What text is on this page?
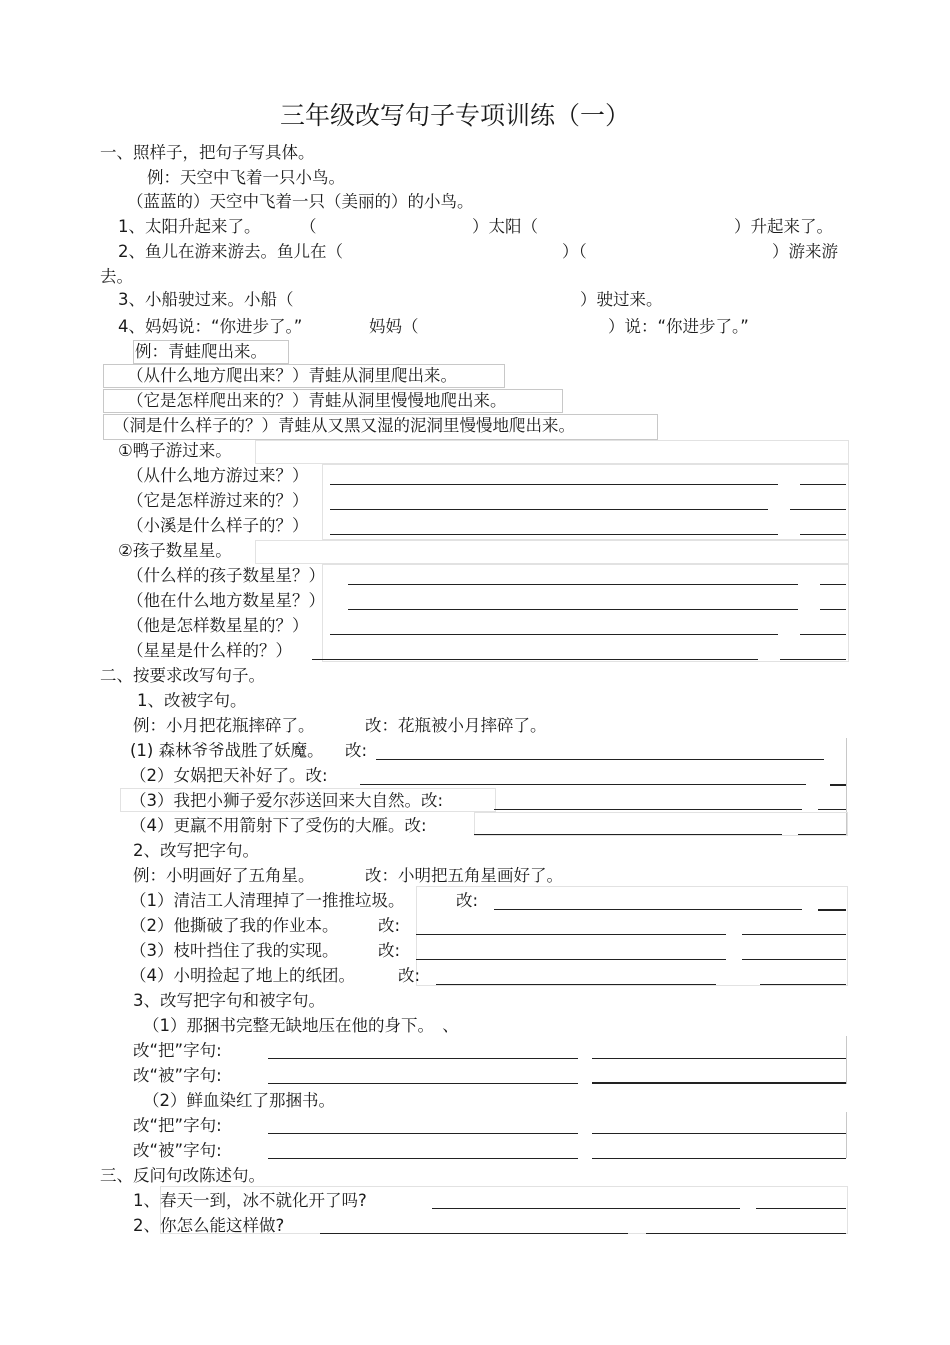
三年级改写句子专项训练（一）
一、照样子，把句子写具体。
例：天空中飞着一只小鸟。
（蓝蓝的）天空中飞着一只（美丽的）的小鸟。
1、太阳升起来了。 （	）太阳（	）升起来了。
2、鱼儿在游来游去。鱼儿在（	）（	）游来游
去。
3、小船驶过来。小船（	）驶过来。
4、妈妈说：“你进步了。”	妈妈（	）说：“你进步了。”
例：青蛙爬出来。
（从什么地方爬出来？）青蛙从洞里爬出来。
（它是怎样爬出来的？）青蛙从洞里慢慢地爬出来。
（洞是什么样子的？）青蛙从又黑又湿的泥洞里慢慢地爬出来。
①鸭子游过来。
（从什么地方游过来？）
（它是怎样游过来的？）
（小溪是什么样子的？）
②孩子数星星。
（什么样的孩子数星星？）
（他在什么地方数星星？）
（他是怎样数星星的？）
（星星是什么样的？）
二、按要求改写句子。
1、改被字句。
例：小月把花瓶摔碎了。	改：花瓶被小月摔碎了。
(1) 森林爷爷战胜了妖魔。 改:
（2）女娲把天补好了。改:
（3）我把小狮子爱尔莎送回来大自然。改:
（4）更羸不用箭射下了受伤的大雁。改:
2、改写把字句。
例：小明画好了五角星。	改：小明把五角星画好了。
（1）清洁工人清理掉了一推推垃圾。	改:
（2）他撕破了我的作业本。 改:
（3）枝叶挡住了我的实现。 改:
（4）小明捡起了地上的纸团。	改:
3、改写把字句和被字句。
（1）那捆书完整无缺地压在他的身下。　、
改“把”字句:
改“被”字句:
（2）鲜血染红了那捆书。
改“把”字句:
改“被”字句:
三、反问句改陈述句。
1、春天一到，冰不就化开了吗?
2、你怎么能这样做?
